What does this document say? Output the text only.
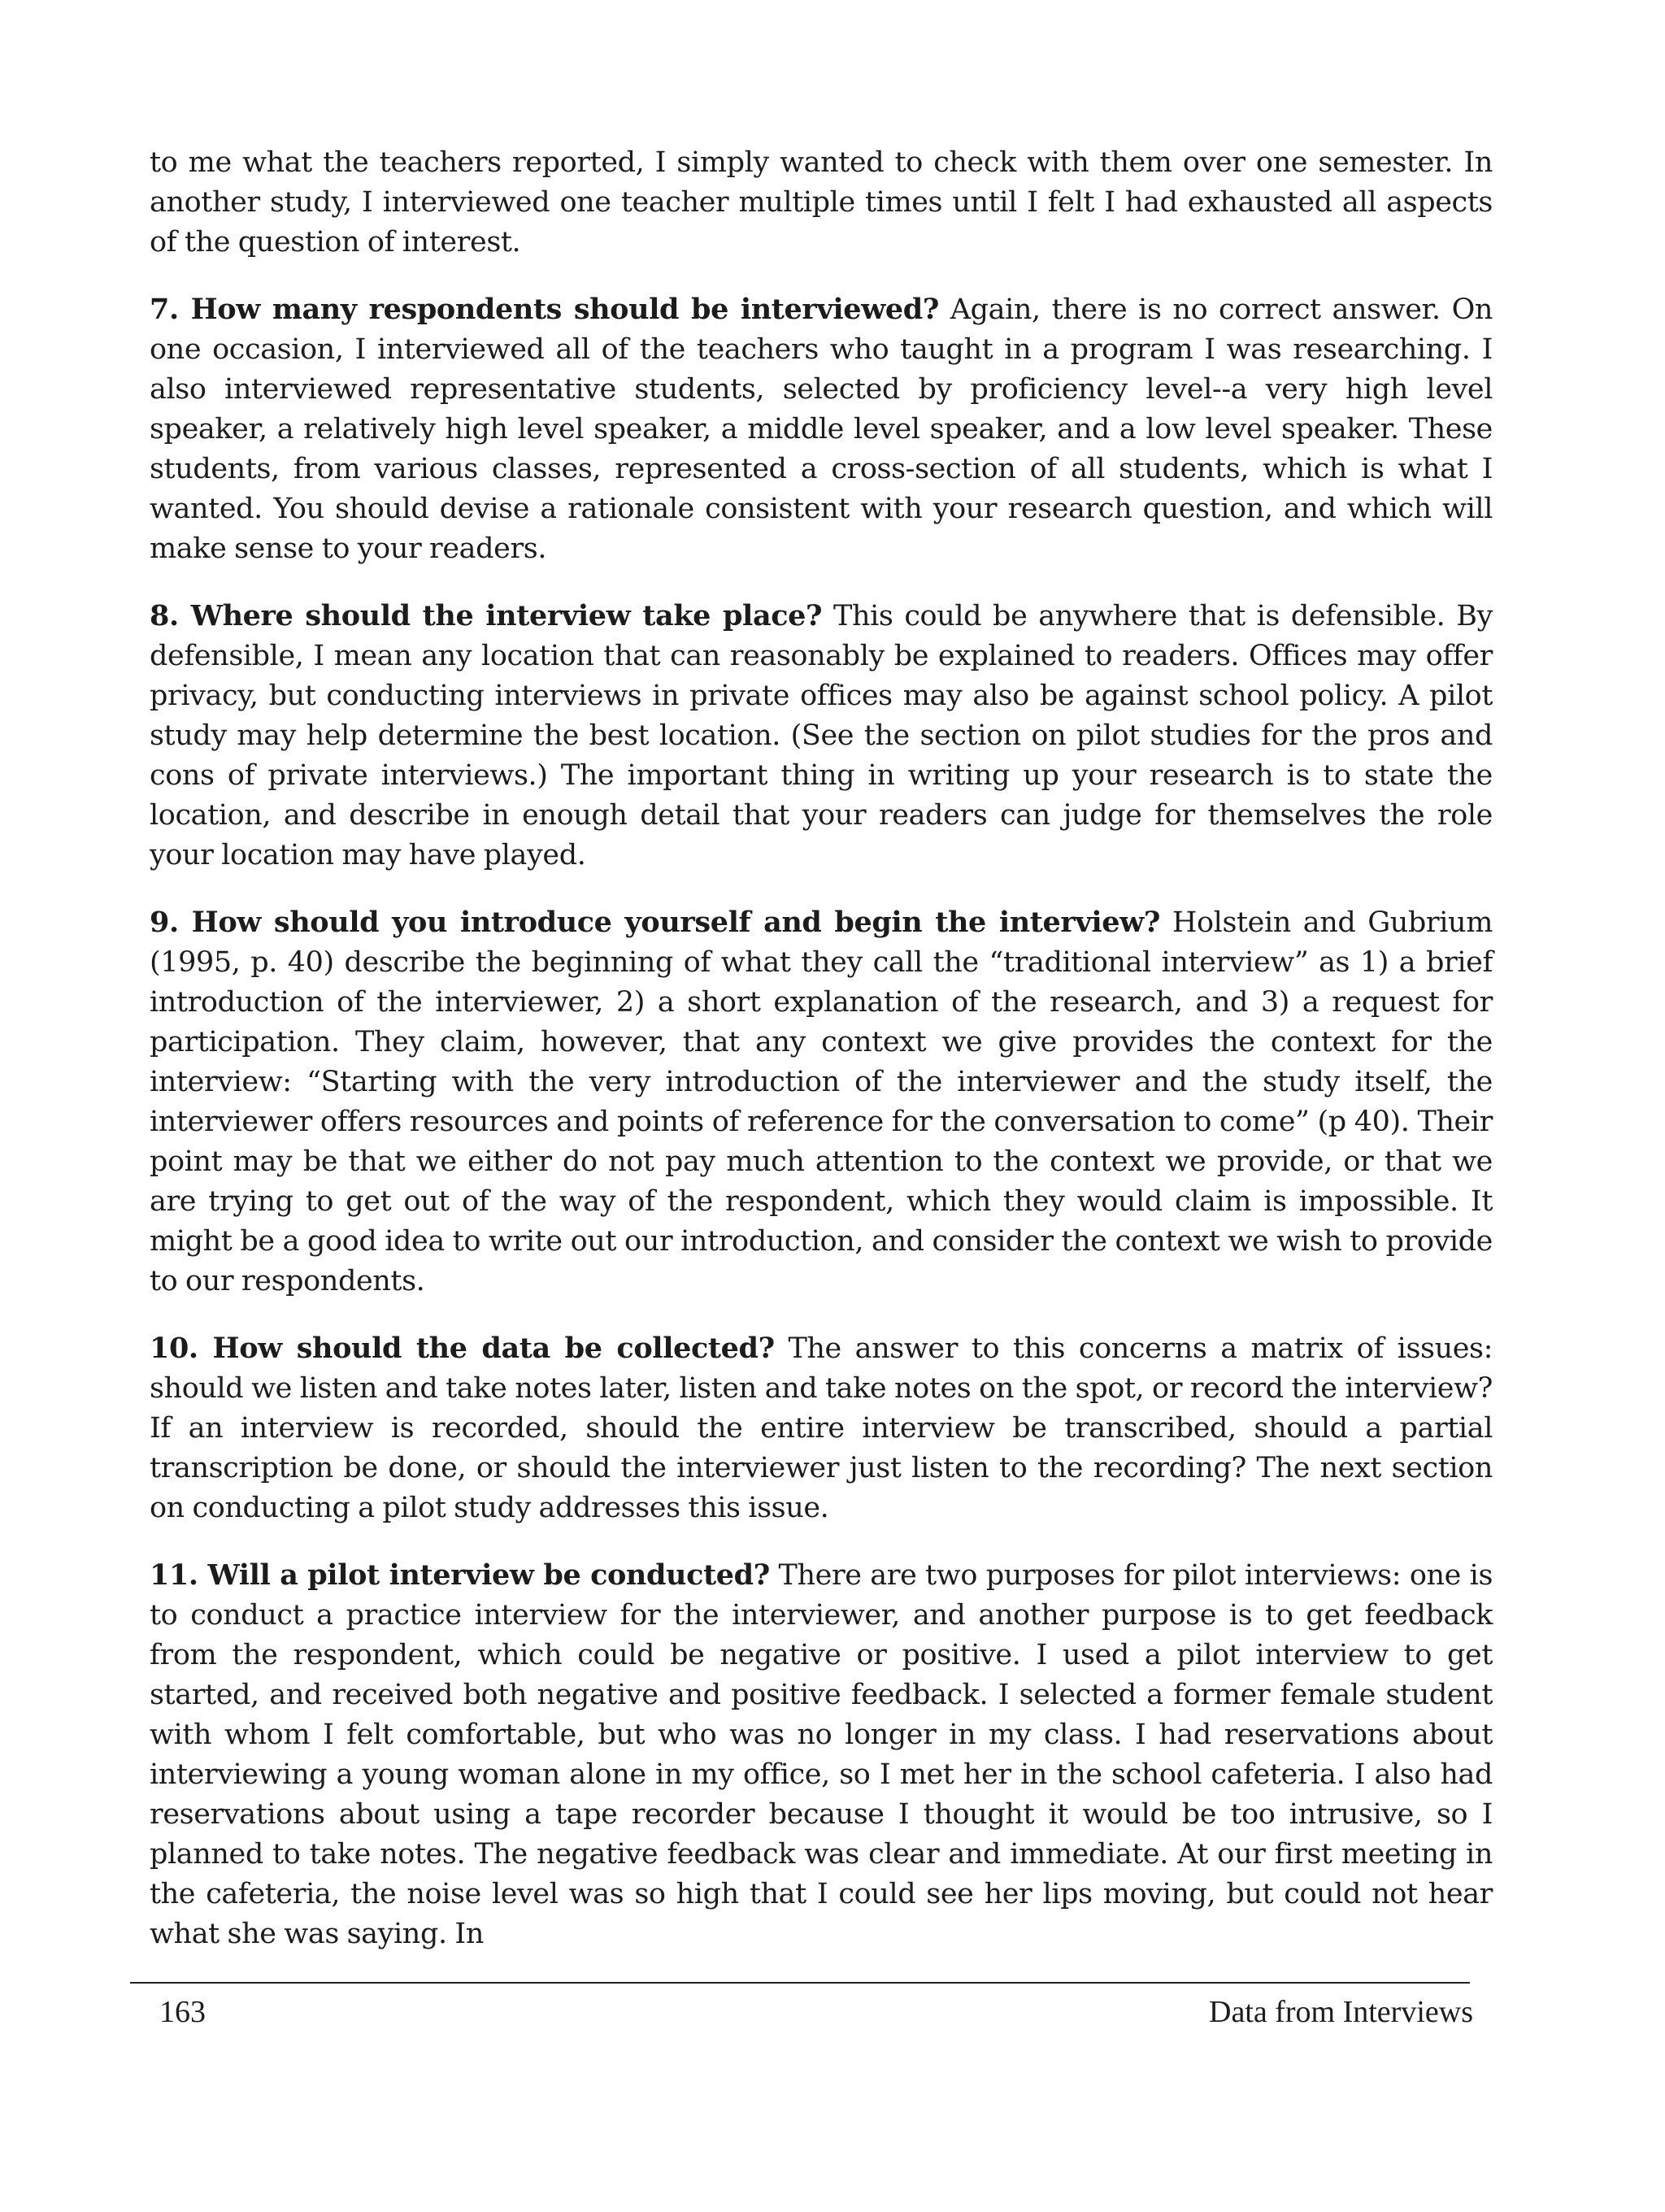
to me what the teachers reported, I simply wanted to check with them over one semester. In another study, I interviewed one teacher multiple times until I felt I had exhausted all aspects of the question of interest.

7. How many respondents should be interviewed? Again, there is no correct answer. On one occasion, I interviewed all of the teachers who taught in a program I was researching. I also interviewed representative students, selected by proficiency level--a very high level speaker, a relatively high level speaker, a middle level speaker, and a low level speaker. These students, from various classes, represented a cross-section of all students, which is what I wanted. You should devise a rationale consistent with your research question, and which will make sense to your readers.

8. Where should the interview take place? This could be anywhere that is defensible. By defensible, I mean any location that can reasonably be explained to readers. Offices may offer privacy, but conducting interviews in private offices may also be against school policy. A pilot study may help determine the best location. (See the section on pilot studies for the pros and cons of private interviews.) The important thing in writing up your research is to state the location, and describe in enough detail that your readers can judge for themselves the role your location may have played.

9. How should you introduce yourself and begin the interview? Holstein and Gubrium (1995, p. 40) describe the beginning of what they call the “traditional interview” as 1) a brief introduction of the interviewer, 2) a short explanation of the research, and 3) a request for participation. They claim, however, that any context we give provides the context for the interview: “Starting with the very introduction of the interviewer and the study itself, the interviewer offers resources and points of reference for the conversation to come” (p 40). Their point may be that we either do not pay much attention to the context we provide, or that we are trying to get out of the way of the respondent, which they would claim is impossible. It might be a good idea to write out our introduction, and consider the context we wish to provide to our respondents.

10. How should the data be collected? The answer to this concerns a matrix of issues: should we listen and take notes later, listen and take notes on the spot, or record the interview? If an interview is recorded, should the entire interview be transcribed, should a partial transcription be done, or should the interviewer just listen to the recording? The next section on conducting a pilot study addresses this issue.

11. Will a pilot interview be conducted? There are two purposes for pilot interviews: one is to conduct a practice interview for the interviewer, and another purpose is to get feedback from the respondent, which could be negative or positive. I used a pilot interview to get started, and received both negative and positive feedback. I selected a former female student with whom I felt comfortable, but who was no longer in my class. I had reservations about interviewing a young woman alone in my office, so I met her in the school cafeteria. I also had reservations about using a tape recorder because I thought it would be too intrusive, so I planned to take notes. The negative feedback was clear and immediate. At our first meeting in the cafeteria, the noise level was so high that I could see her lips moving, but could not hear what she was saying. In

163	Data from Interviews
